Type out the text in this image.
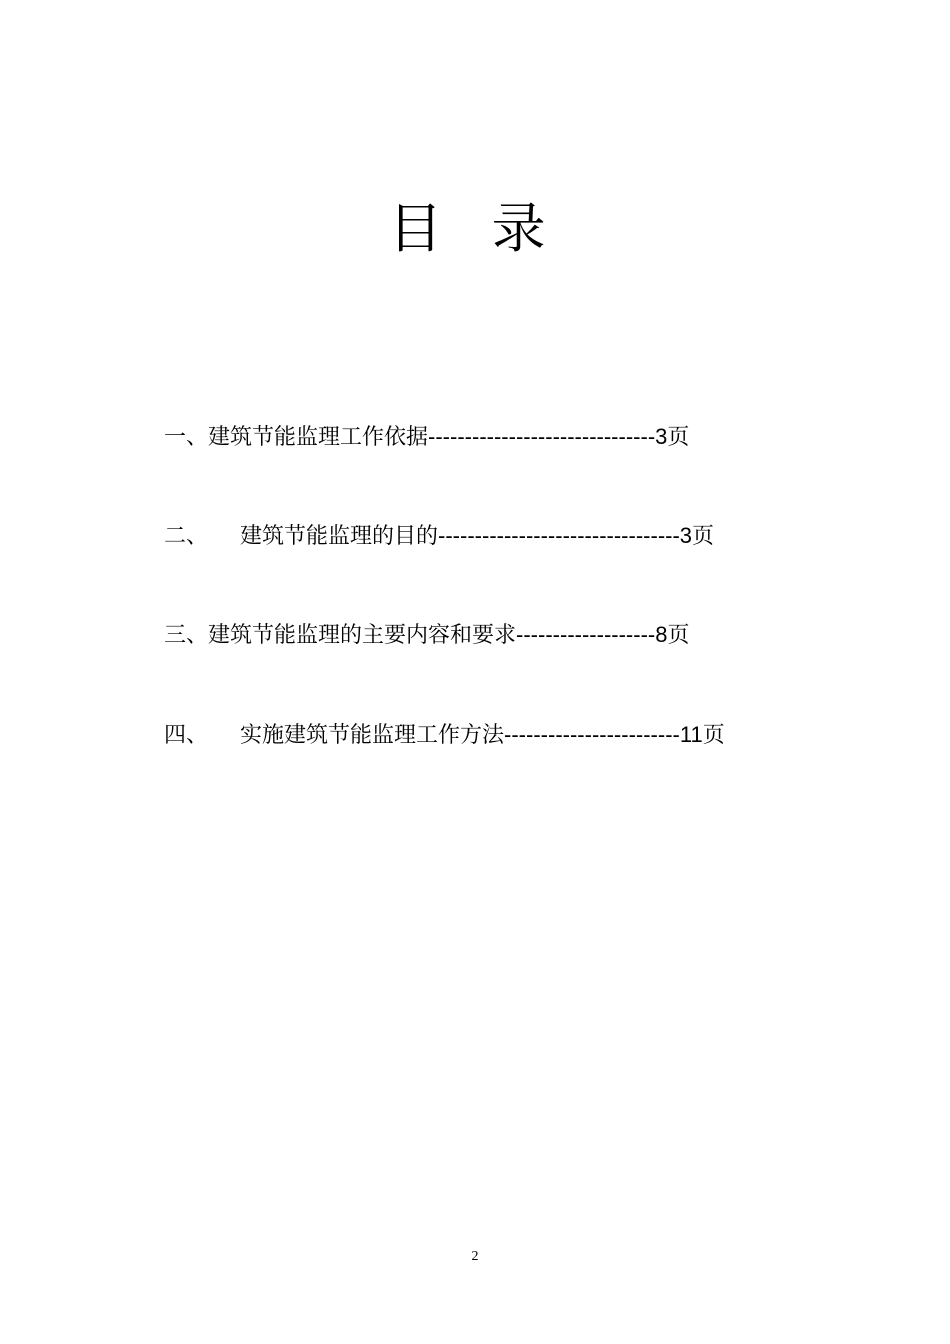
目 录
一、建筑节能监理工作依据-------------------------------3页
二、 建筑节能监理的目的---------------------------------3页
三、建筑节能监理的主要内容和要求-------------------8页
四、 实施建筑节能监理工作方法------------------------11页
2
